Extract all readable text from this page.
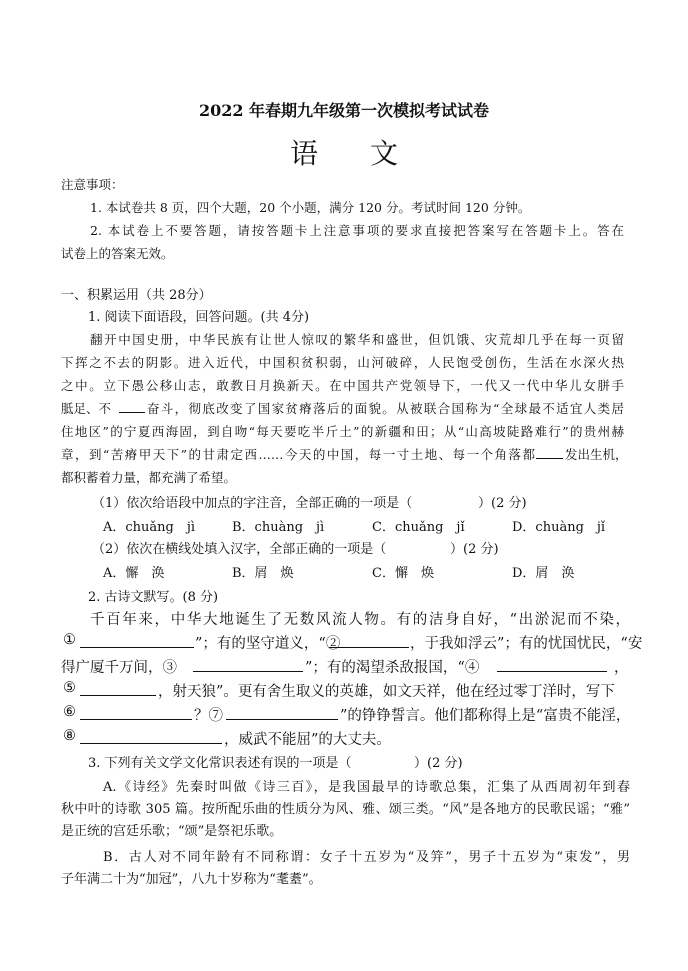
2022 年春期九年级第一次模拟考试试卷
语文
注意事项：
1. 本试卷共 8 页，四个大题，20 个小题，满分 120 分。考试时间 120 分钟。
2. 本试卷上不要答题，请按答题卡上注意事项的要求直接把答案写在答题卡上。答在
试卷上的答案无效。
一、积累运用（共 28分）
1. 阅读下面语段，回答问题。(共 4分)
翻开中国史册，中华民族有让世人惊叹的繁华和盛世，但饥饿、灾荒却几乎在每一页留
下挥之不去的阴影。进入近代，中国积贫积弱，山河破碎，人民饱受创伤，生活在水深火热
之中。立下愚公移山志，敢教日月换新天。在中国共产党领导下，一代又一代中华儿女胼手
胝足、不	奋斗，彻底改变了国家贫瘠落后的面貌。从被联合国称为“全球最不适宜人类居
住地区”的宁夏西海固，到自吻“每天要吃半斤土”的新疆和田；从“山高坡陡路难行”的贵州赫
章，到“苦瘠甲天下”的甘肃定西……今天的中国，每一寸土地、每一个角落都 发出生机，
都积蓄着力量，都充满了希望。
（1）依次给语段中加点的字注音，全部正确的一项是（	）(2 分)
A．chuǎng　jì	B．chuàng　jì	C．chuǎng　jǐ	D．chuàng　jǐ
（2）依次在横线处填入汉字，全部正确的一项是（	）(2 分)
A．懈　涣	B．屑　焕	C．懈　焕	D．屑　涣
2. 古诗文默写。(8 分)
千百年来，中华大地诞生了无数风流人物。有的洁身自好，“出淤泥而不染，
①	”；有的坚守道义，“②	，于我如浮云”；有的忧国忧民，“安
得广厦千万间，③	”；有的渴望杀敌报国，“④	，
⑤	，射天狼”。更有舍生取义的英雄，如文天祥，他在经过零丁洋时，写下
⑥	？⑦	”的铮铮誓言。他们都称得上是“富贵不能淫，
⑧	，威武不能屈”的大丈夫。
3. 下列有关文学文化常识表述有误的一项是（	）(2 分)
A.《诗经》先秦时叫做《诗三百》，是我国最早的诗歌总集，汇集了从西周初年到春
秋中叶的诗歌 305 篇。按所配乐曲的性质分为风、雅、颂三类。“风”是各地方的民歌民谣；“雅”
是正统的宫廷乐歌；“颂”是祭祀乐歌。
B．古人对不同年龄有不同称谓：女子十五岁为“及笄”，男子十五岁为“束发”，男
子年满二十为“加冠”，八九十岁称为“耄耋”。
